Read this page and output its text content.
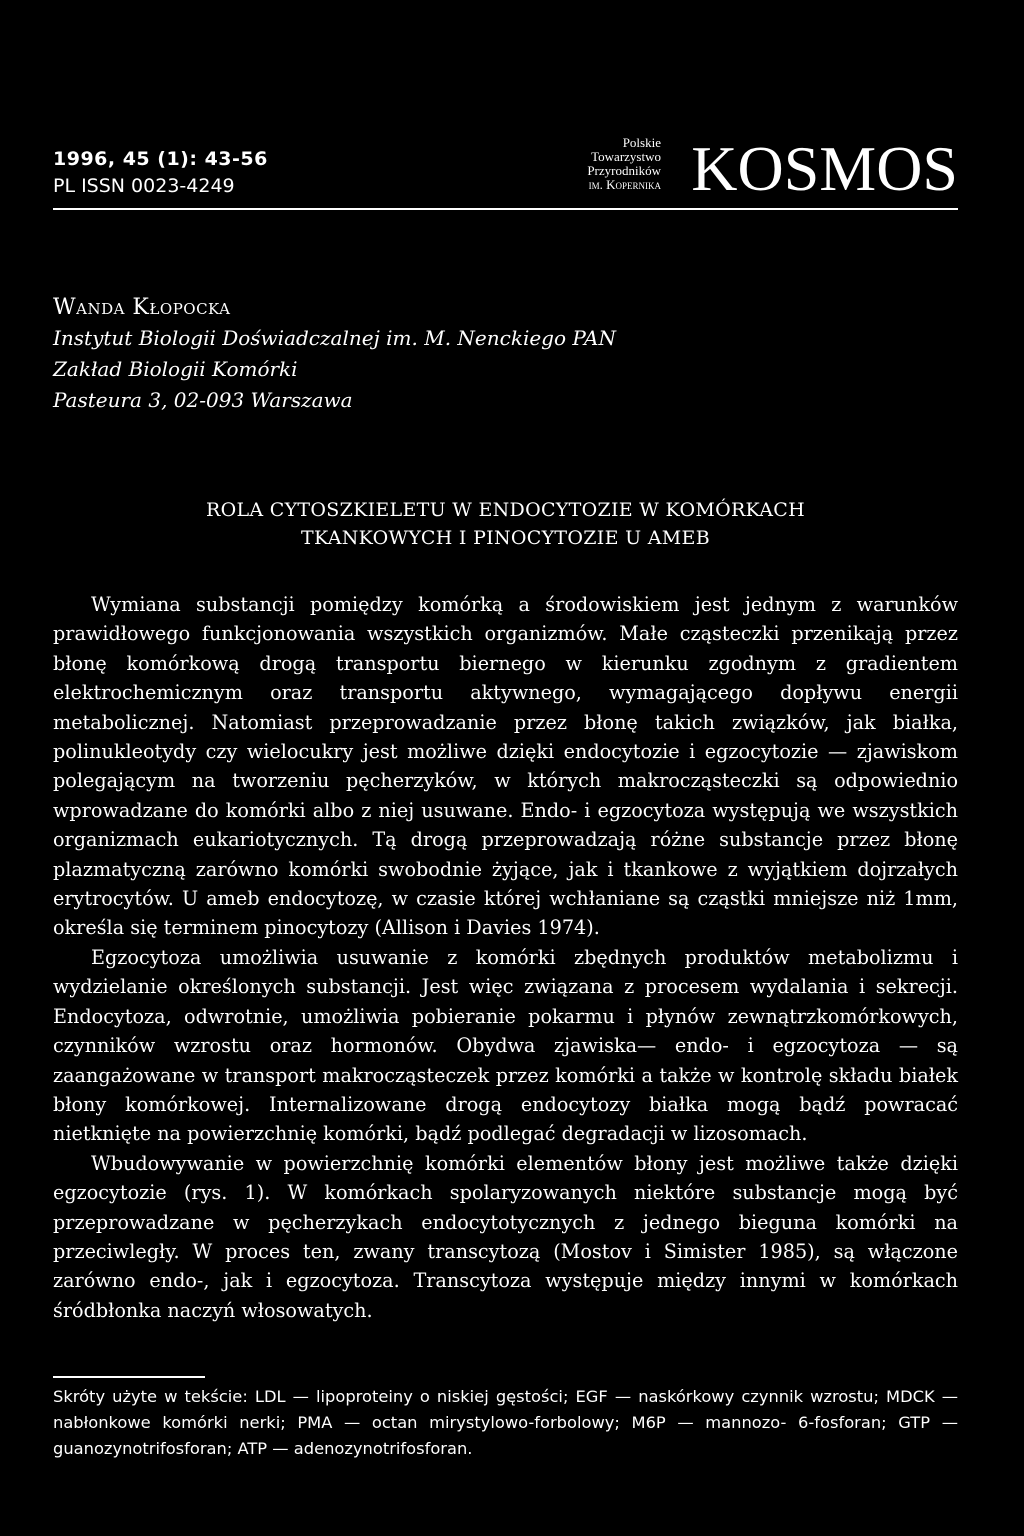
1996, 45 (1): 43-56
PL ISSN 0023-4249
Polskie
Towarzystwo
Przyrodników
im. Kopernika KOSMOS
Wanda Kłopocka
Instytut Biologii Doświadczalnej im. M. Nenckiego PAN
Zakład Biologii Komórki
Pasteura 3, 02-093 Warszawa
ROLA CYTOSZKIELETU W ENDOCYTOZIE W KOMÓRKACH
TKANKOWYCH I PINOCYTOZIE U AMEB

Wymiana substancji pomiędzy komórką a środowiskiem jest jednym z warunków prawidłowego funkcjonowania wszystkich organizmów. Małe cząsteczki przenikają przez błonę komórkową drogą transportu biernego w kierunku zgodnym z gradientem elektrochemicznym oraz transportu aktywnego, wymagającego dopływu energii metabolicznej. Natomiast przeprowadzanie przez błonę takich związków, jak białka, polinukleotydy czy wielocukry jest możliwe dzięki endocytozie i egzocytozie — zjawiskom polegającym na tworzeniu pęcherzyków, w których makrocząsteczki są odpowiednio wprowadzane do komórki albo z niej usuwane. Endo- i egzocytoza występują we wszystkich organizmach eukariotycznych. Tą drogą przeprowadzają różne substancje przez błonę plazmatyczną zarówno komórki swobodnie żyjące, jak i tkankowe z wyjątkiem dojrzałych erytrocytów. U ameb endocytozę, w czasie której wchłaniane są cząstki mniejsze niż 1mm, określa się terminem pinocytozy (Allison i Davies 1974).

Egzocytoza umożliwia usuwanie z komórki zbędnych produktów metabolizmu i wydzielanie określonych substancji. Jest więc związana z procesem wydalania i sekrecji. Endocytoza, odwrotnie, umożliwia pobieranie pokarmu i płynów zewnątrzkomórkowych, czynników wzrostu oraz hormonów. Obydwa zjawiska— endo- i egzocytoza — są zaangażowane w transport makrocząsteczek przez komórki a także w kontrolę składu białek błony komórkowej. Internalizowane drogą endocytozy białka mogą bądź powracać nietknięte na powierzchnię komórki, bądź podlegać degradacji w lizosomach.

Wbudowywanie w powierzchnię komórki elementów błony jest możliwe także dzięki egzocytozie (rys. 1). W komórkach spolaryzowanych niektóre substancje mogą być przeprowadzane w pęcherzykach endocytotycznych z jednego bieguna komórki na przeciwległy. W proces ten, zwany transcytozą (Mostov i Simister 1985), są włączone zarówno endo-, jak i egzocytoza. Transcytoza występuje między innymi w komórkach śródbłonka naczyń włosowatych.

Skróty użyte w tekście: LDL — lipoproteiny o niskiej gęstości; EGF — naskórkowy czynnik wzrostu; MDCK — nabłonkowe komórki nerki; PMA — octan mirystylowo-forbolowy; M6P — mannozo- 6-fosforan; GTP — guanozynotrifosforan; ATP — adenozynotrifosforan.
